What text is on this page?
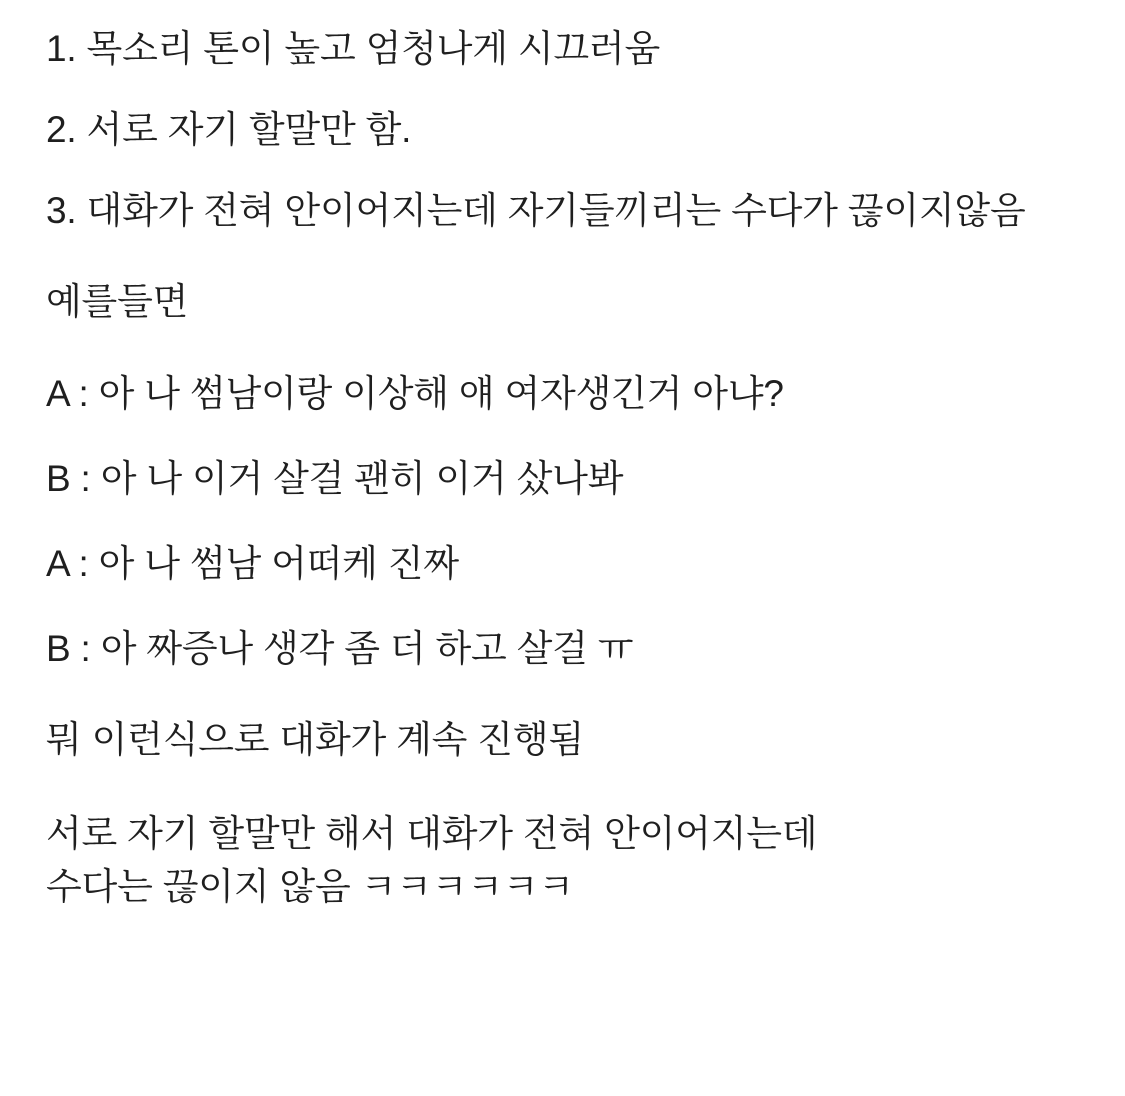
1. 목소리 톤이 높고 엄청나게 시끄러움
2. 서로 자기 할말만 함.
3. 대화가 전혀 안이어지는데 자기들끼리는 수다가 끊이지않음
예를들면
A : 아 나 썸남이랑 이상해 얘 여자생긴거 아냐?
B : 아 나 이거 살걸 괜히 이거 샀나봐
A : 아 나 썸남 어떠케 진짜
B : 아 짜증나 생각 좀 더 하고 살걸 ㅠ
뭐 이런식으로 대화가 계속 진행됨
서로 자기 할말만 해서 대화가 전혀 안이어지는데
수다는 끊이지 않음 ㅋㅋㅋㅋㅋㅋ
